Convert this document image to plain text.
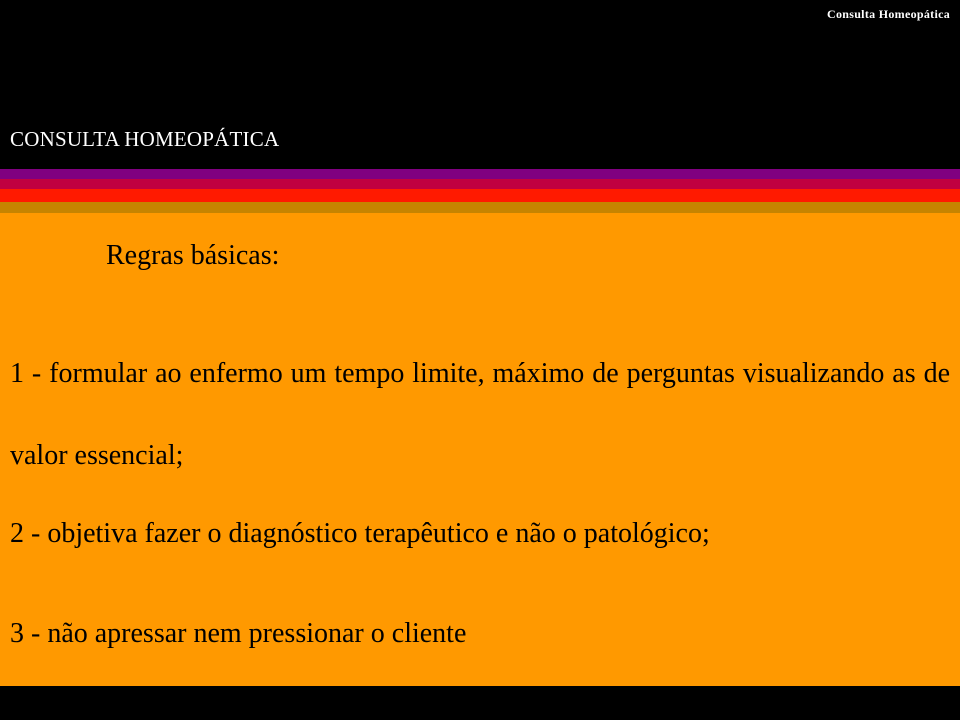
Consulta Homeopática
CONSULTA HOMEOPÁTICA
Regras básicas:
1 - formular ao enfermo um tempo limite, máximo de perguntas visualizando as de valor essencial;
2 - objetiva fazer o diagnóstico terapêutico e não o patológico;
3 - não apressar nem pressionar o cliente
